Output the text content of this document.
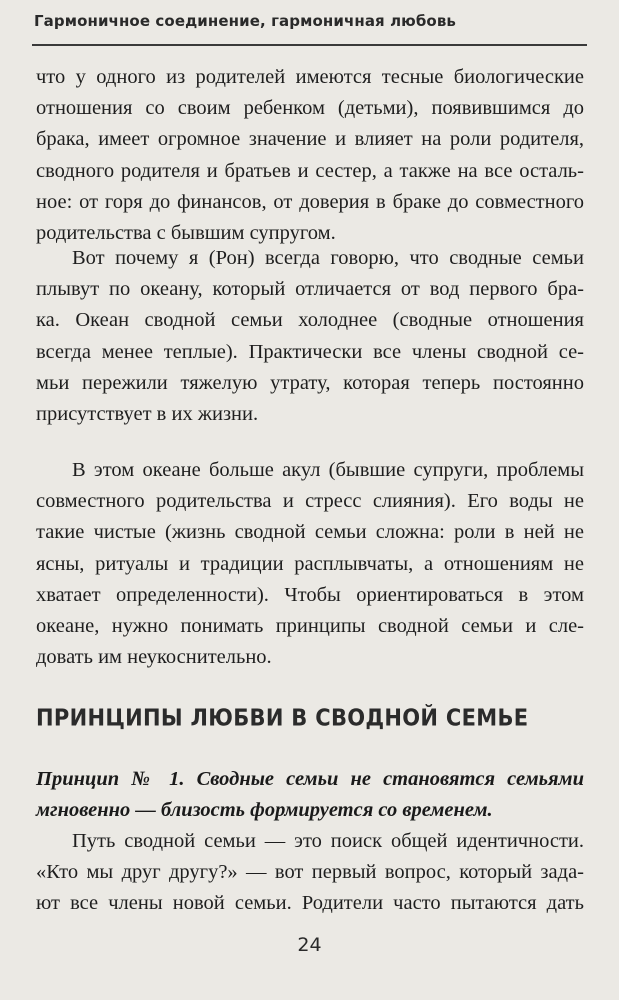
Гармоничное соединение, гармоничная любовь
что у одного из родителей имеются тесные биологические
отношения со своим ребенком (детьми), появившимся до
брака, имеет огромное значение и влияет на роли родителя,
сводного родителя и братьев и сестер, а также на все осталь-
ное: от горя до финансов, от доверия в браке до совместного
родительства с бывшим супругом.
Вот почему я (Рон) всегда говорю, что сводные семьи
плывут по океану, который отличается от вод первого бра-
ка. Океан сводной семьи холоднее (сводные отношения
всегда менее теплые). Практически все члены сводной се-
мьи пережили тяжелую утрату, которая теперь постоянно
присутствует в их жизни.
В этом океане больше акул (бывшие супруги, проблемы
совместного родительства и стресс слияния). Его воды не
такие чистые (жизнь сводной семьи сложна: роли в ней не
ясны, ритуалы и традиции расплывчаты, а отношениям не
хватает определенности). Чтобы ориентироваться в этом
океане, нужно понимать принципы сводной семьи и сле-
довать им неукоснительно.
ПРИНЦИПЫ ЛЮБВИ В СВОДНОЙ СЕМЬЕ
Принцип № 1. Сводные семьи не становятся семьями
мгновенно — близость формируется со временем.
Путь сводной семьи — это поиск общей идентичности.
«Кто мы друг другу?» — вот первый вопрос, который зада-
ют все члены новой семьи. Родители часто пытаются дать
24
